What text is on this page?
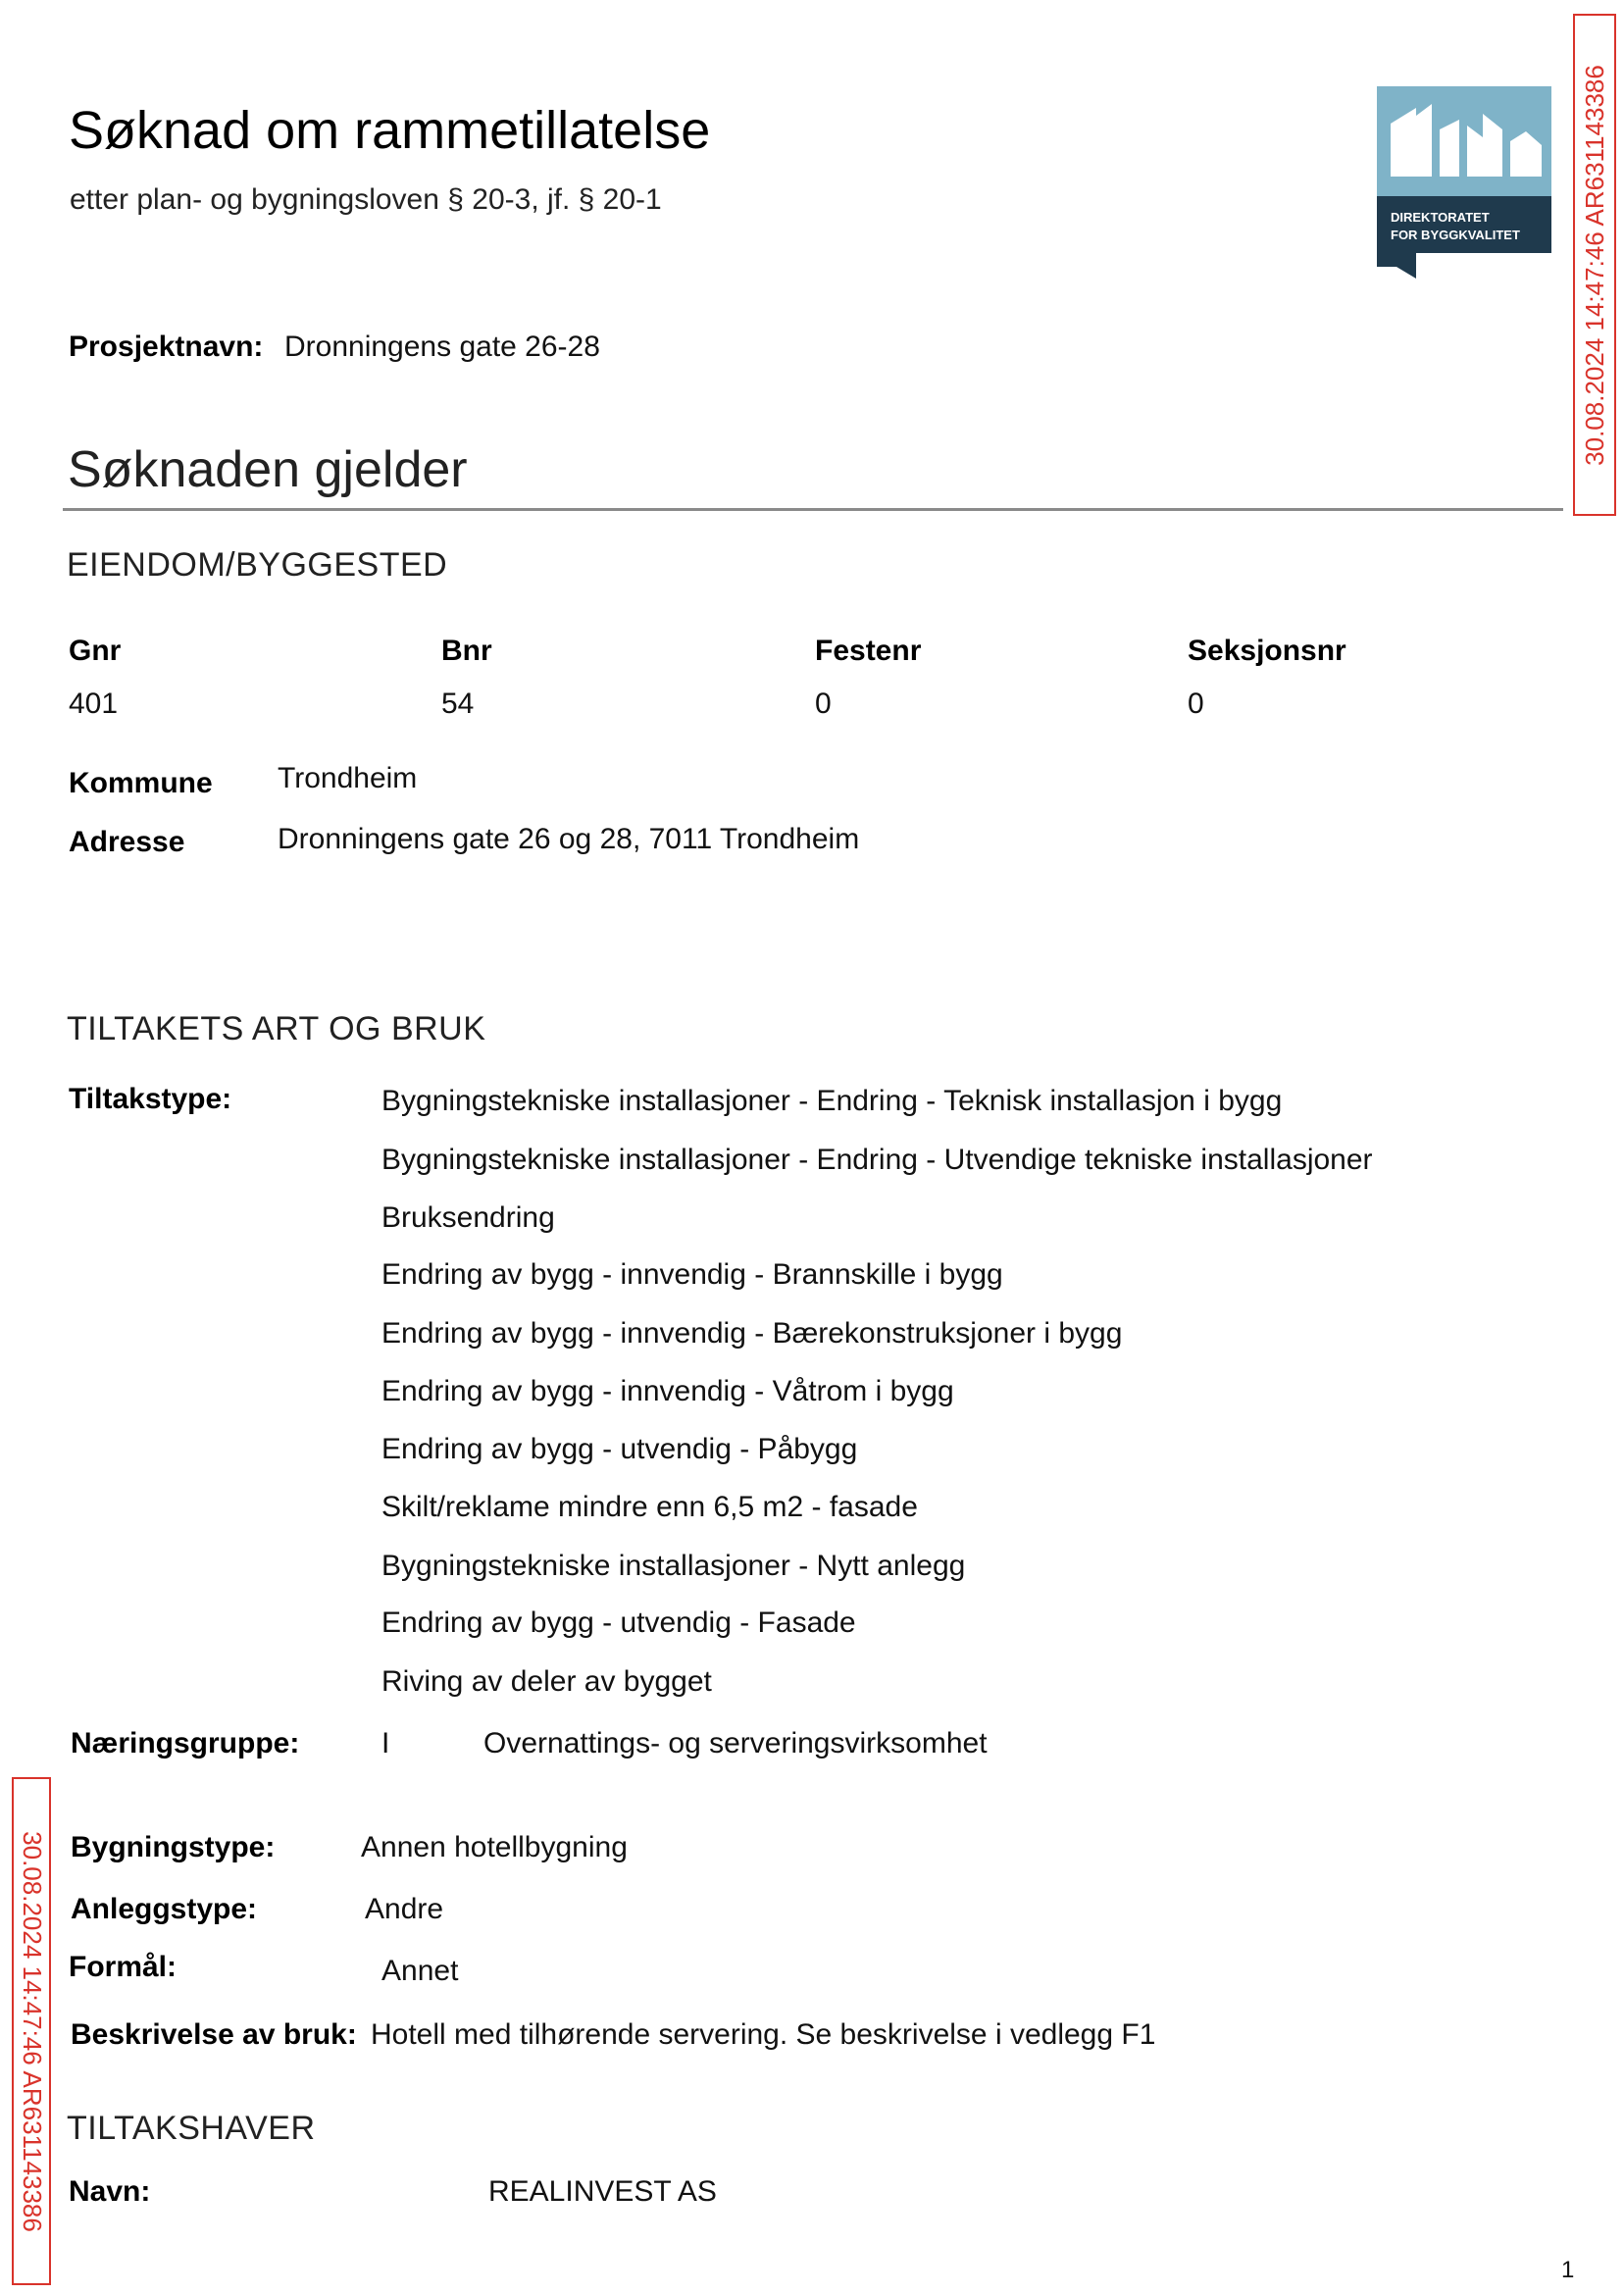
Søknad om rammetillatelse
etter plan- og bygningsloven § 20-3, jf. § 20-1
DIREKTORATET
FOR BYGGKVALITET 30.08.2024 14:47:46 AR631143386
30.08.2024 14:47:46 AR631143386
Prosjektnavn: Dronningens gate 26-28
Søknaden gjelder
EIENDOM/BYGGESTED
Gnr	Bnr	Festenr	Seksjonsnr
401	54	0	0
Kommune Trondheim
Adresse	Dronningens gate 26 og 28, 7011 Trondheim
TILTAKETS ART OG BRUK
Tiltakstype:	Bygningstekniske installasjoner - Endring - Teknisk installasjon i bygg
Bygningstekniske installasjoner - Endring - Utvendige tekniske installasjoner
Bruksendring
Endring av bygg - innvendig - Brannskille i bygg
Endring av bygg - innvendig - Bærekonstruksjoner i bygg
Endring av bygg - innvendig - Våtrom i bygg
Endring av bygg - utvendig - Påbygg
Skilt/reklame mindre enn 6,5 m2 - fasade
Bygningstekniske installasjoner - Nytt anlegg
Endring av bygg - utvendig - Fasade
Riving av deler av bygget
Næringsgruppe:	I	Overnattings- og serveringsvirksomhet
Bygningstype:	Annen hotellbygning
Anleggstype:	Andre
Formål:	Annet
Beskrivelse av bruk: Hotell med tilhørende servering. Se beskrivelse i vedlegg F1
TILTAKSHAVER
Navn:	REALINVEST AS
1
